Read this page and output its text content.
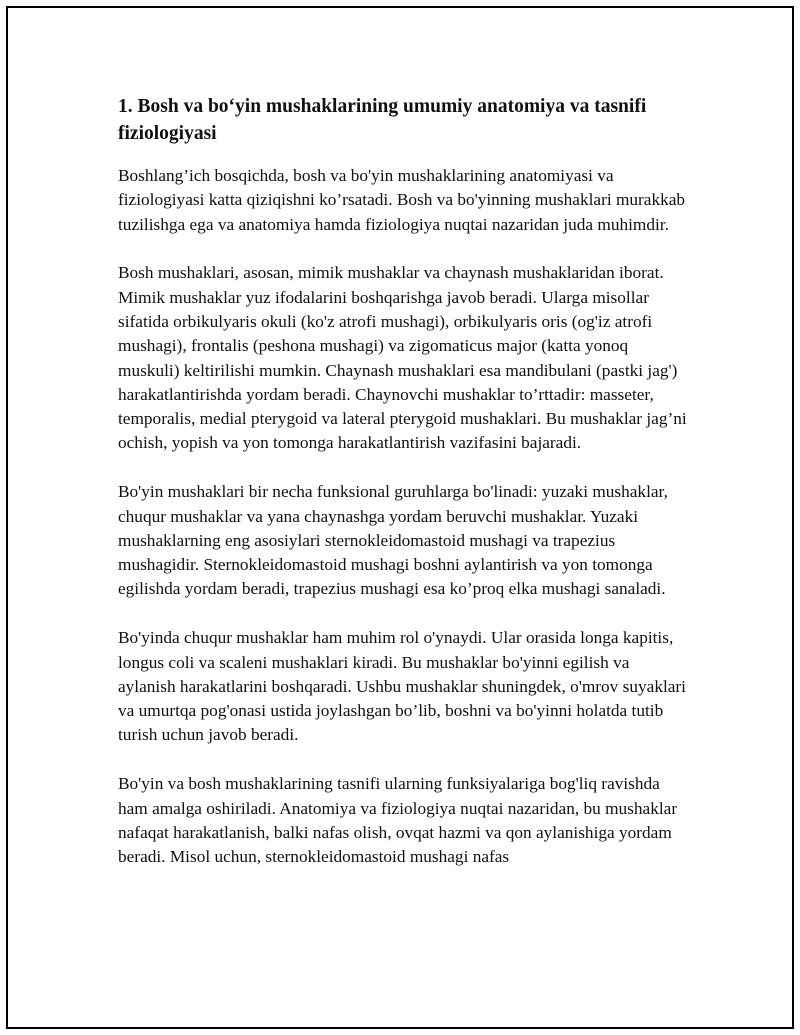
1. Bosh va bo‘yin mushaklarining umumiy anatomiya va tasnifi fiziologiyasi

Boshlang’ich bosqichda, bosh va bo'yin mushaklarining anatomiyasi va fiziologiyasi katta qiziqishni ko’rsatadi. Bosh va bo'yinning mushaklari murakkab tuzilishga ega va anatomiya hamda fiziologiya nuqtai nazaridan juda muhimdir.

Bosh mushaklari, asosan, mimik mushaklar va chaynash mushaklaridan iborat. Mimik mushaklar yuz ifodalarini boshqarishga javob beradi. Ularga misollar sifatida orbikulyaris okuli (ko'z atrofi mushagi), orbikulyaris oris (og'iz atrofi mushagi), frontalis (peshona mushagi) va zigomaticus major (katta yonoq muskuli) keltirilishi mumkin. Chaynash mushaklari esa mandibulani (pastki jag') harakatlantirishda yordam beradi. Chaynovchi mushaklar to’rttadir: masseter, temporalis, medial pterygoid va lateral pterygoid mushaklari. Bu mushaklar jag’ni ochish, yopish va yon tomonga harakatlantirish vazifasini bajaradi.

Bo'yin mushaklari bir necha funksional guruhlarga bo'linadi: yuzaki mushaklar, chuqur mushaklar va yana chaynashga yordam beruvchi mushaklar. Yuzaki mushaklarning eng asosiylari sternokleidomastoid mushagi va trapezius mushagidir. Sternokleidomastoid mushagi boshni aylantirish va yon tomonga egilishda yordam beradi, trapezius mushagi esa ko’proq elka mushagi sanaladi.

Bo'yinda chuqur mushaklar ham muhim rol o'ynaydi. Ular orasida longa kapitis, longus coli va scaleni mushaklari kiradi. Bu mushaklar bo'yinni egilish va aylanish harakatlarini boshqaradi. Ushbu mushaklar shuningdek, o'mrov suyaklari va umurtqa pog'onasi ustida joylashgan bo’lib, boshni va bo'yinni holatda tutib turish uchun javob beradi.

Bo'yin va bosh mushaklarining tasnifi ularning funksiyalariga bog'liq ravishda ham amalga oshiriladi. Anatomiya va fiziologiya nuqtai nazaridan, bu mushaklar nafaqat harakatlanish, balki nafas olish, ovqat hazmi va qon aylanishiga yordam beradi. Misol uchun, sternokleidomastoid mushagi nafas
